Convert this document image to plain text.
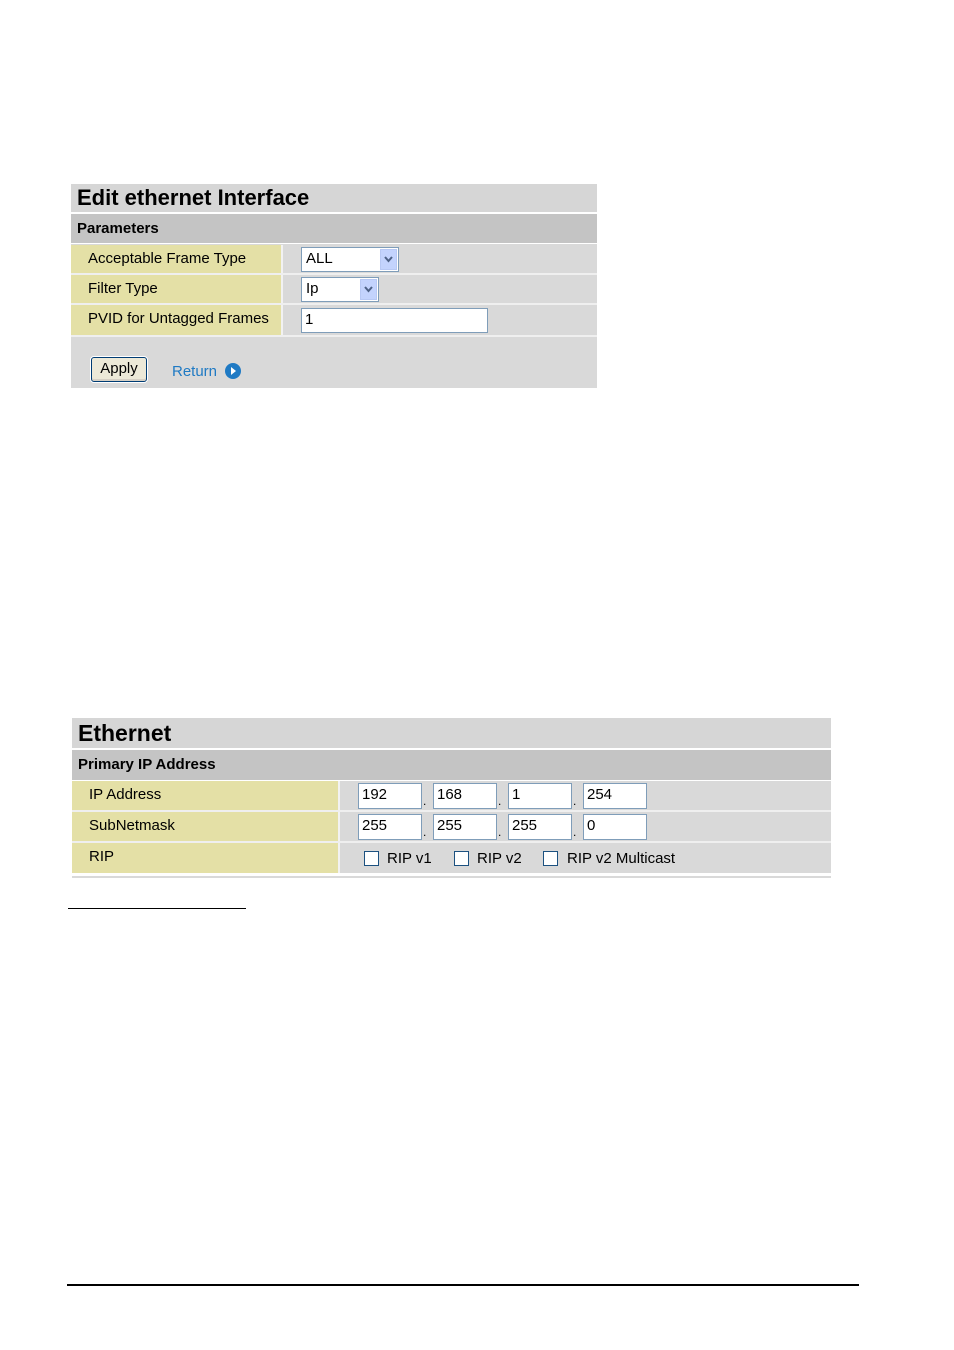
Edit ethernet Interface
Parameters
Acceptable Frame Type	ALL
Filter Type	Ip
PVID for Untagged Frames	1
Apply	Return
Ethernet
Primary IP Address
IP Address	192	. 168	. 1	. 254
SubNetmask	255	. 255	. 255	. 0
RIP	RIP v1	RIP v2	RIP v2 Multicast
